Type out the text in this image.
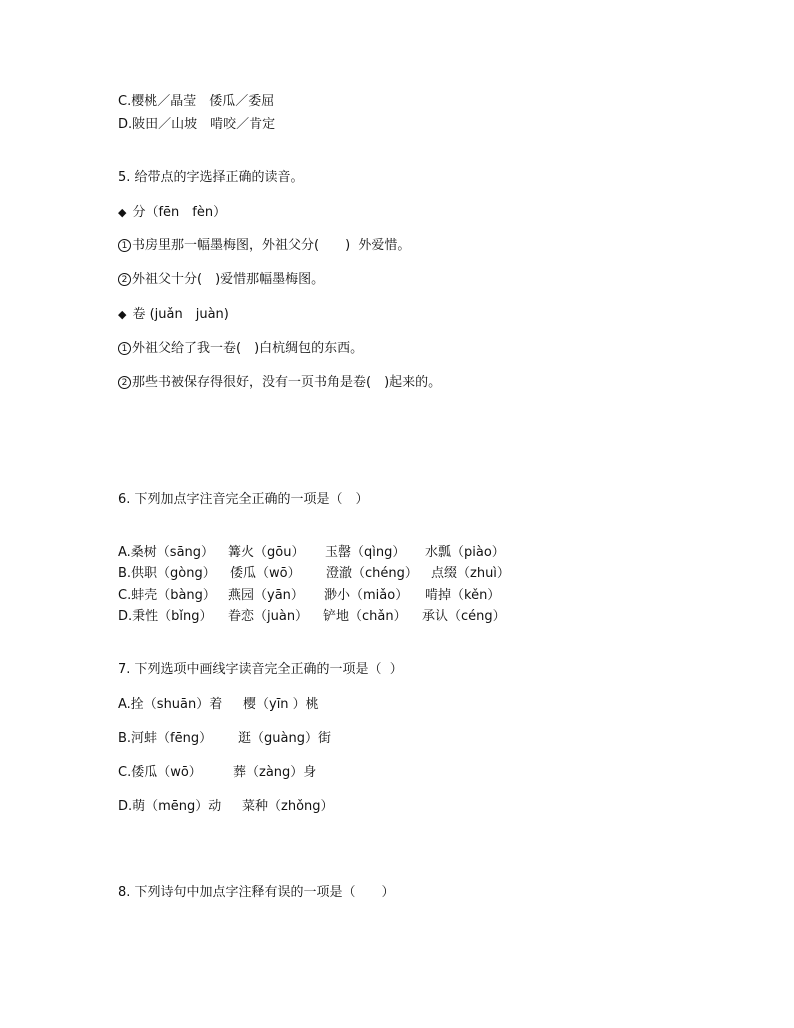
C.樱桃／晶莹　倭瓜／委屈
D.陂田／山坡　啃咬／肯定
5. 给带点的字选择正确的读音。
◆ 分（fēn　fèn）
1 书房里那一幅墨梅图，外祖父分(　　)  外爱惜。
2 外祖父十分(　)爱惜那幅墨梅图。
◆ 卷 (juǎn　juàn)
1 外祖父给了我一卷(　)白杭绸包的东西。
2 那些书被保存得很好，没有一页书角是卷(　)起来的。
6. 下列加点字注音完全正确的一项是（　）

A.桑树（sāng）

篝火（gōu）

玉罄（qìng）

水瓢（piào）

B.供职（gòng）

倭瓜（wō）

澄澈（chéng）

点缀（zhuì）

C.蚌壳（bàng）

燕园（yān）

渺小（miǎo）

啃掉（kěn）

D.秉性（bǐng）

眷恋（juàn）

铲地（chǎn）

承认（céng）

7. 下列选项中画线字读音完全正确的一项是（  ）

A.拴（shuān）着

樱（yīn ）桃

B.河蚌（fēng）

逛（guàng）街

C.倭瓜（wō）

葬（zàng）身

D.萌（mēng）动

菜种（zhǒng）

8. 下列诗句中加点字注释有误的一项是（　　）
